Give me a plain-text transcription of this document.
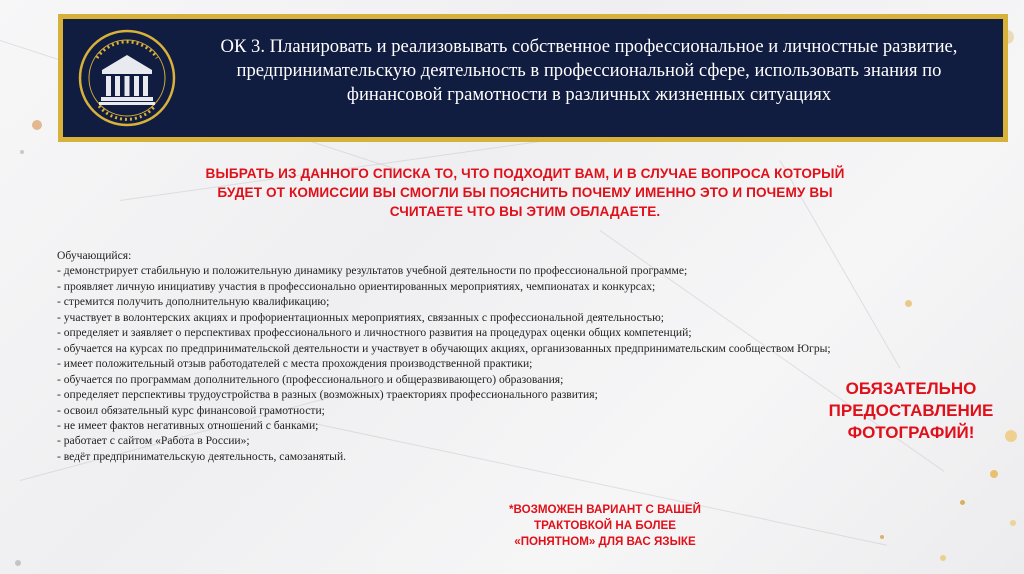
ОК 3. Планировать и реализовывать собственное профессиональное и личностные развитие, предпринимательскую деятельность в профессиональной сфере, использовать знания по финансовой грамотности в различных жизненных ситуациях
ВЫБРАТЬ ИЗ ДАННОГО СПИСКА ТО, ЧТО ПОДХОДИТ ВАМ, И В СЛУЧАЕ ВОПРОСА КОТОРЫЙ
БУДЕТ ОТ КОМИССИИ ВЫ СМОГЛИ БЫ ПОЯСНИТЬ ПОЧЕМУ ИМЕННО ЭТО И ПОЧЕМУ ВЫ
СЧИТАЕТЕ ЧТО ВЫ ЭТИМ ОБЛАДАЕТЕ.
Обучающийся:
- демонстрирует стабильную и положительную динамику результатов учебной деятельности по профессиональной программе;
- проявляет личную инициативу участия в профессионально ориентированных мероприятиях, чемпионатах и конкурсах;
- стремится получить дополнительную квалификацию;
- участвует в волонтерских акциях и профориентационных мероприятиях, связанных с профессиональной деятельностью;
- определяет и заявляет о перспективах профессионального и личностного развития на процедурах оценки общих компетенций;
- обучается на курсах по предпринимательской деятельности и участвует в обучающих акциях, организованных предпринимательским сообществом Югры;
- имеет положительный отзыв работодателей с места прохождения производственной практики;
- обучается по программам дополнительного (профессионального и общеразвивающего) образования;
- определяет перспективы трудоустройства в разных (возможных) траекториях профессионального развития;
- освоил обязательный курс финансовой грамотности;
- не имеет фактов негативных отношений с банками;
- работает с сайтом «Работа в России»;
- ведёт предпринимательскую деятельность, самозанятый.
ОБЯЗАТЕЛЬНО
ПРЕДОСТАВЛЕНИЕ
ФОТОГРАФИЙ!
*ВОЗМОЖЕН ВАРИАНТ С ВАШЕЙ
ТРАКТОВКОЙ НА БОЛЕЕ
«ПОНЯТНОМ» ДЛЯ ВАС ЯЗЫКЕ
